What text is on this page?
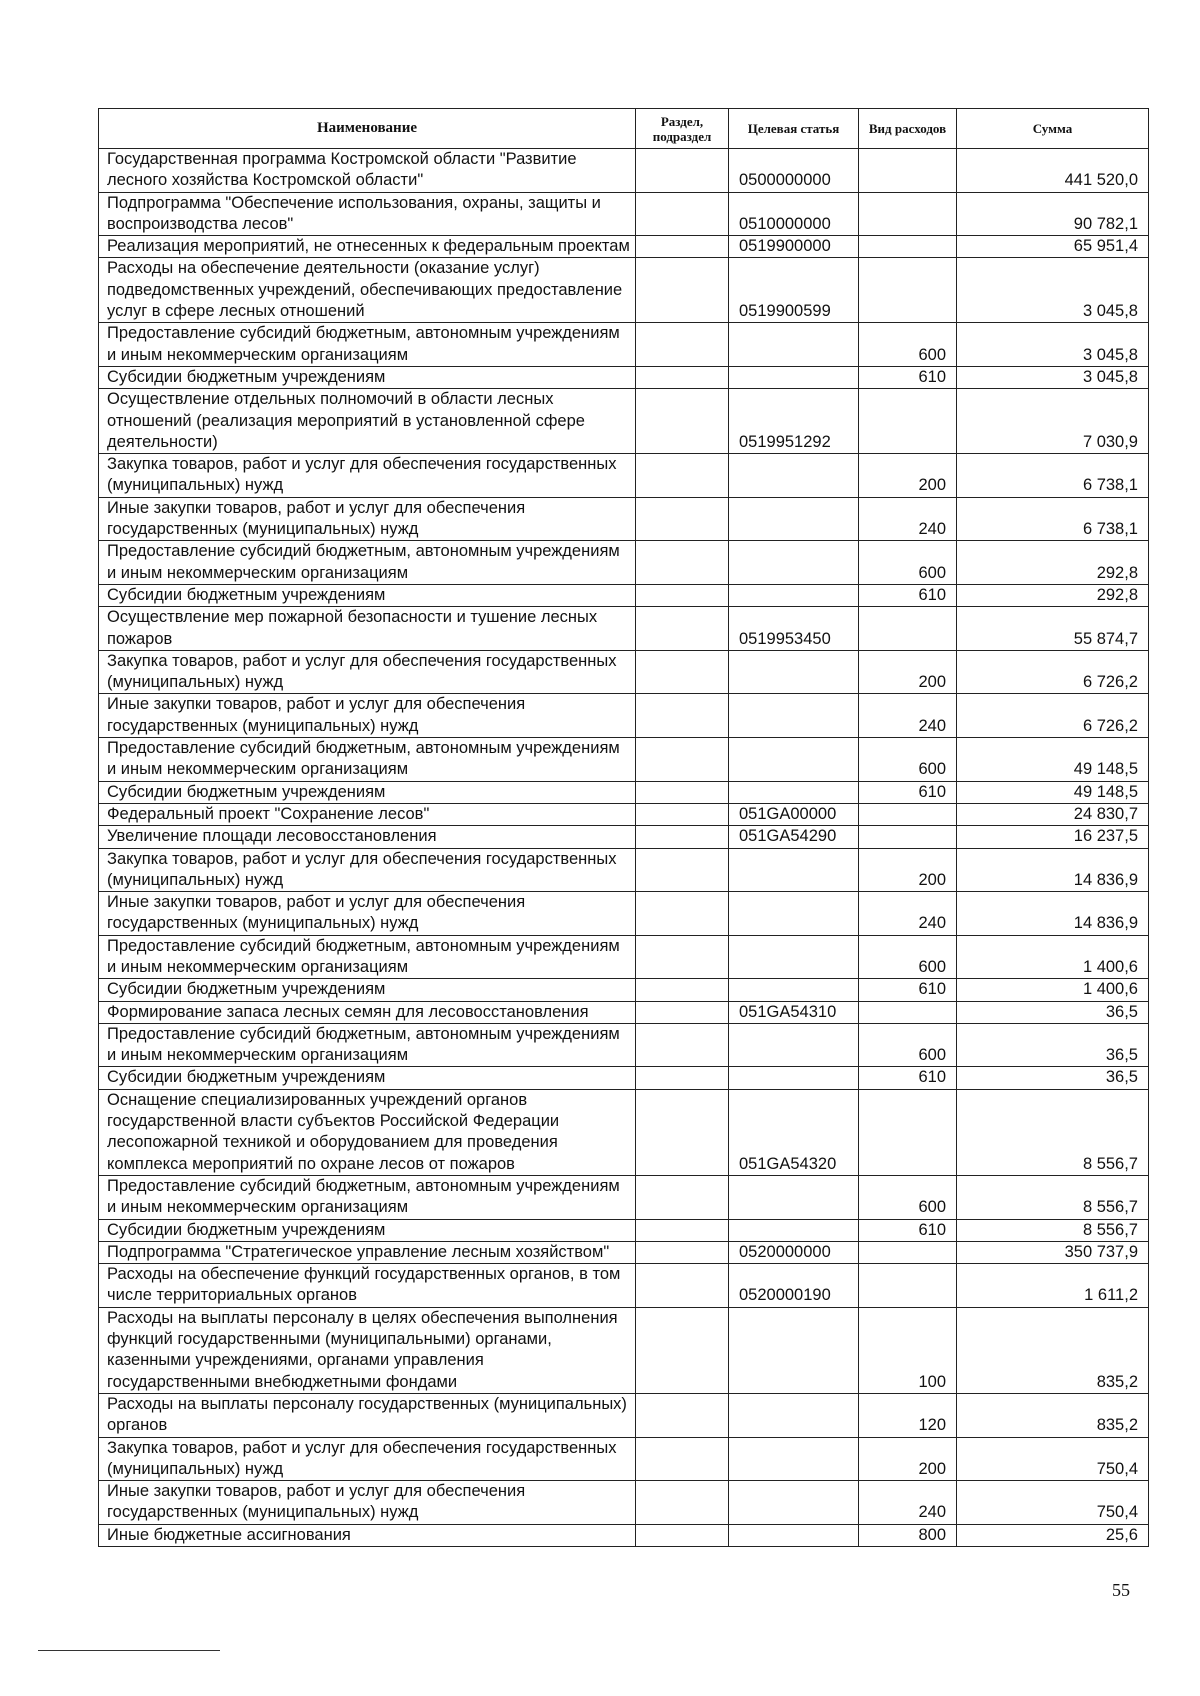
Наименование	Раздел, подраздел	Целевая статья	Вид расходов	Сумма
Государственная программа Костромской области "Развитие лесного хозяйства Костромской области"		0500000000		441 520,0
Подпрограмма "Обеспечение использования, охраны, защиты и воспроизводства лесов"		0510000000		90 782,1
Реализация мероприятий, не отнесенных к федеральным проектам		0519900000		65 951,4
Расходы на обеспечение деятельности (оказание услуг) подведомственных учреждений, обеспечивающих предоставление услуг в сфере лесных отношений		0519900599		3 045,8
Предоставление субсидий бюджетным, автономным учреждениям и иным некоммерческим организациям			600	3 045,8
Субсидии бюджетным учреждениям			610	3 045,8
Осуществление отдельных полномочий в области лесных отношений (реализация мероприятий в установленной сфере деятельности)		0519951292		7 030,9
Закупка товаров, работ и услуг для обеспечения государственных (муниципальных) нужд			200	6 738,1
Иные закупки товаров, работ и услуг для обеспечения государственных (муниципальных) нужд			240	6 738,1
Предоставление субсидий бюджетным, автономным учреждениям и иным некоммерческим организациям			600	292,8
Субсидии бюджетным учреждениям			610	292,8
Осуществление мер пожарной безопасности и тушение лесных пожаров		0519953450		55 874,7
Закупка товаров, работ и услуг для обеспечения государственных (муниципальных) нужд			200	6 726,2
Иные закупки товаров, работ и услуг для обеспечения государственных (муниципальных) нужд			240	6 726,2
Предоставление субсидий бюджетным, автономным учреждениям и иным некоммерческим организациям			600	49 148,5
Субсидии бюджетным учреждениям			610	49 148,5
Федеральный проект "Сохранение лесов"		051GA00000		24 830,7
Увеличение площади лесовосстановления		051GA54290		16 237,5
Закупка товаров, работ и услуг для обеспечения государственных (муниципальных) нужд			200	14 836,9
Иные закупки товаров, работ и услуг для обеспечения государственных (муниципальных) нужд			240	14 836,9
Предоставление субсидий бюджетным, автономным учреждениям и иным некоммерческим организациям			600	1 400,6
Субсидии бюджетным учреждениям			610	1 400,6
Формирование запаса лесных семян для лесовосстановления		051GA54310		36,5
Предоставление субсидий бюджетным, автономным учреждениям и иным некоммерческим организациям			600	36,5
Субсидии бюджетным учреждениям			610	36,5
Оснащение специализированных учреждений органов государственной власти субъектов Российской Федерации лесопожарной техникой и оборудованием для проведения комплекса мероприятий по охране лесов от пожаров		051GA54320		8 556,7
Предоставление субсидий бюджетным, автономным учреждениям и иным некоммерческим организациям			600	8 556,7
Субсидии бюджетным учреждениям			610	8 556,7
Подпрограмма "Стратегическое управление лесным хозяйством"		0520000000		350 737,9
Расходы на обеспечение функций государственных органов, в том числе территориальных органов		0520000190		1 611,2
Расходы на выплаты персоналу в целях обеспечения выполнения функций государственными (муниципальными) органами, казенными учреждениями, органами управления государственными внебюджетными фондами			100	835,2
Расходы на выплаты персоналу государственных (муниципальных) органов			120	835,2
Закупка товаров, работ и услуг для обеспечения государственных (муниципальных) нужд			200	750,4
Иные закупки товаров, работ и услуг для обеспечения государственных (муниципальных) нужд			240	750,4
Иные бюджетные ассигнования			800	25,6
55
